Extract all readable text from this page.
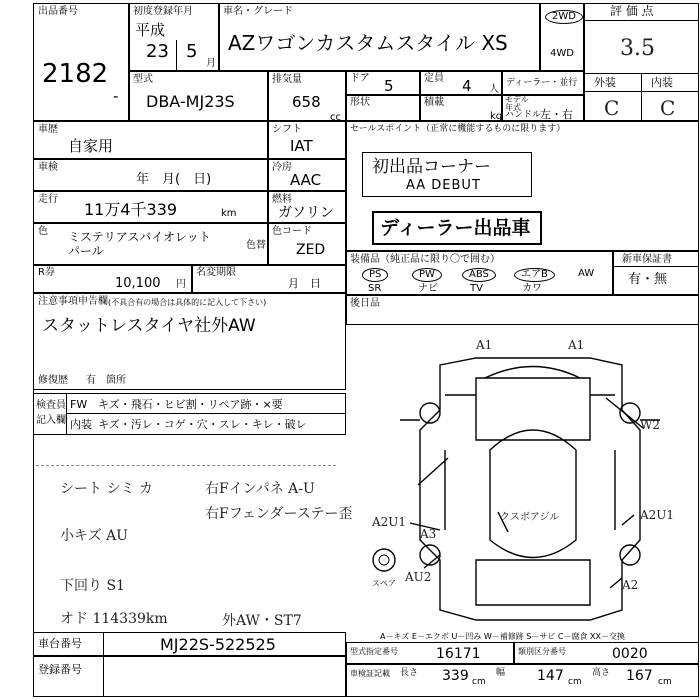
出品番号
2182
-
初度登録年月
平成
23 5
月
車名・グレード
AZワゴンカスタムスタイル XS
2WD
4WD
評 価 点
3.5
外装	内装
C C
型式
DBA-MJ23S
排気量
658
cc
ドア 5	定員 4 人
ディーラー・並行
形状	積載
kg
モデル年式
ハンドル
左・右
車歴
自家用
シフト
IAT
車検
年　月(　日)
冷房
AAC
走行
11万4千339	km
燃料
ガソリン
色 ミステリアスバイオレット
パール	色替
色コード
ZED
R券
10,100 円
名変期限
月　日
セールスポイント（正常に機能するものに限ります）
初出品コーナー
AA DEBUT
ディーラー出品車
装備品（純正品に限り〇で囲む）	新車保証書
有・無
PS	PW	ABS	エアB	AW
SR	ナビ	TV	カワ
後日品
注意事項申告欄 (不具合有の場合は具体的に記入して下さい)
スタットレスタイヤ社外AW
修復歴 有　箇所
検査員
記入欄
FW キズ・飛石・ヒビ割・リペア跡・×要
内装 キズ・汚レ・コゲ・穴・スレ・キレ・破レ
シート シミ カ
小キズ AU
下回り S1
オド 114339km	外AW・ST7
右Fインパネ A-U
右Fフェンダーステー歪
A1	A1
W2
A2U1	A2U1
A3
AU2
A2
クスボアジル
スペア
A－キズ E－エクボ U－凹み W－補修跡 S－サビ C－腐食 XX－交換
車台番号	MJ22S-522525
登録番号
型式指定番号	16171	類別区分番号	0020
車検証記載 長さ 339 cm
幅 147 cm
高さ 167 cm
